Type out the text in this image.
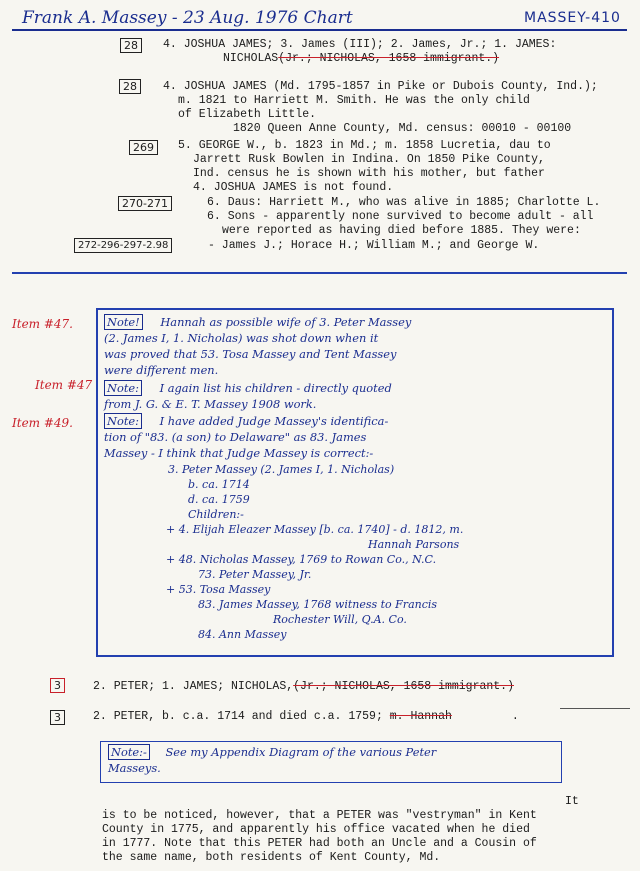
Frank A. Massey - 23 Aug. 1976 Chart	MASSEY-410
28	4. JOSHUA JAMES; 3. James (III); 2. James, Jr.; 1. JAMES:
NICHOLAS(Jr.; NICHOLAS, 1658 immigrant.)
28	4. JOSHUA JAMES (Md. 1795-1857 in Pike or Dubois County, Ind.);
m. 1821 to Harriett M. Smith. He was the only child
of Elizabeth Little.
1820 Queen Anne County, Md. census: 00010 - 00100
269	5. GEORGE W., b. 1823 in Md.; m. 1858 Lucretia, dau to
Jarrett Rusk Bowlen in Indina. On 1850 Pike County,
Ind. census he is shown with his mother, but father
4. JOSHUA JAMES is not found.
270-271	6. Daus: Harriett M., who was alive in 1885; Charlotte L.
6. Sons - apparently none survived to become adult - all
were reported as having died before 1885. They were:
272-296-297-2.98	- James J.; Horace H.; William M.; and George W.
Item #47.
Item #47
Item #49.
Note! Hannah as possible wife of 3. Peter Massey
(2. James I, 1. Nicholas) was shot down when it
was proved that 53. Tosa Massey and Tent Massey
were different men.
Note: I again list his children - directly quoted
from J. G. & E. T. Massey 1908 work.
Note: I have added Judge Massey's identifica-
tion of "83. (a son) to Delaware" as 83. James
Massey - I think that Judge Massey is correct:-
3. Peter Massey (2. James I, 1. Nicholas)
b. ca. 1714
d. ca. 1759
Children:-
+ 4. Elijah Eleazer Massey [b. ca. 1740] - d. 1812, m.
Hannah Parsons
+ 48. Nicholas Massey, 1769 to Rowan Co., N.C.
73. Peter Massey, Jr.
+ 53. Tosa Massey
83. James Massey, 1768 witness to Francis
Rochester Will, Q.A. Co.
84. Ann Massey
3	2. PETER; 1. JAMES; NICHOLAS,(Jr.; NICHOLAS, 1658 immigrant.)
3	2. PETER, b. c.a. 1714 and died c.a. 1759; m. Hannah	.
Note:- See my Appendix Diagram of the various Peter
Masseys.
It
is to be noticed, however, that a PETER was "vestryman" in Kent
County in 1775, and apparently his office vacated when he died
in 1777. Note that this PETER had both an Uncle and a Cousin of
the same name, both residents of Kent County, Md.
